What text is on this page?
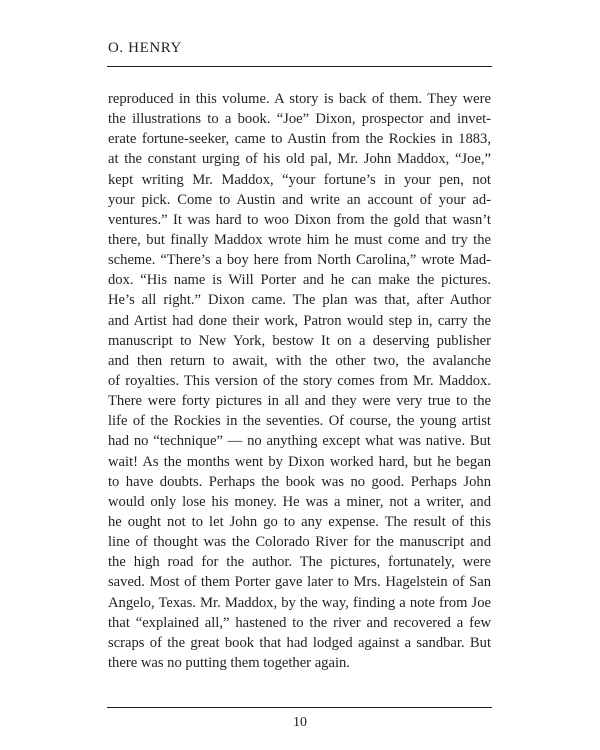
O. HENRY
reproduced in this volume. A story is back of them. They were
the illustrations to a book. “Joe” Dixon, prospector and invet-
erate fortune-seeker, came to Austin from the Rockies in 1883,
at the constant urging of his old pal, Mr. John Maddox, “Joe,”
kept writing Mr. Maddox, “your fortune’s in your pen, not
your pick. Come to Austin and write an account of your ad-
ventures.” It was hard to woo Dixon from the gold that wasn’t
there, but finally Maddox wrote him he must come and try the
scheme. “There’s a boy here from North Carolina,” wrote Mad-
dox. “His name is Will Porter and he can make the pictures.
He’s all right.” Dixon came. The plan was that, after Author
and Artist had done their work, Patron would step in, carry the
manuscript to New York, bestow It on a deserving publisher
and then return to await, with the other two, the avalanche
of royalties. This version of the story comes from Mr. Maddox.
There were forty pictures in all and they were very true to the
life of the Rockies in the seventies. Of course, the young artist
had no “technique” — no anything except what was native. But
wait! As the months went by Dixon worked hard, but he began
to have doubts. Perhaps the book was no good. Perhaps John
would only lose his money. He was a miner, not a writer, and
he ought not to let John go to any expense. The result of this
line of thought was the Colorado River for the manuscript and
the high road for the author. The pictures, fortunately, were
saved. Most of them Porter gave later to Mrs. Hagelstein of San
Angelo, Texas. Mr. Maddox, by the way, finding a note from Joe
that “explained all,” hastened to the river and recovered a few
scraps of the great book that had lodged against a sandbar. But
there was no putting them together again.
10
